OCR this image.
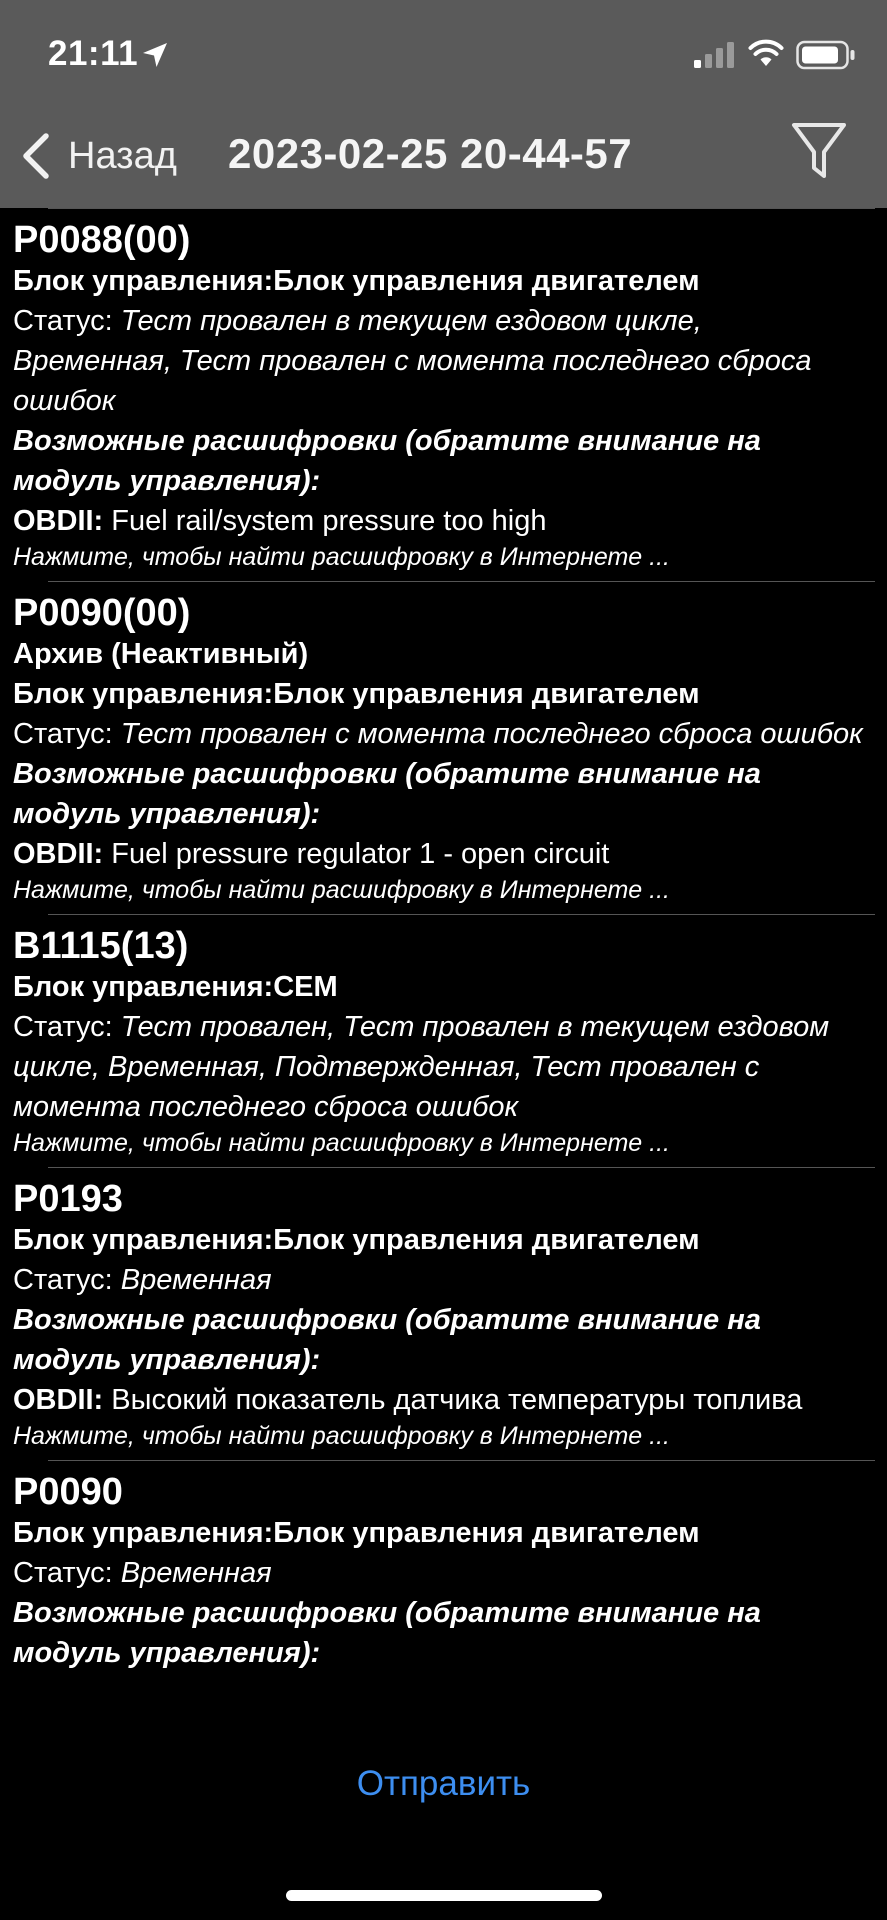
21:11
Назад 2023-02-25 20-44-57
P0088(00)
Блок управления:Блок управления двигателем
Статус: Тест провален в текущем ездовом цикле, Временная, Тест провален с момента последнего сброса ошибок
Возможные расшифровки (обратите внимание на модуль управления):
OBDII: Fuel rail/system pressure too high
Нажмите, чтобы найти расшифровку в Интернете ...
P0090(00)
Архив (Неактивный)
Блок управления:Блок управления двигателем
Статус: Тест провален с момента последнего сброса ошибок
Возможные расшифровки (обратите внимание на модуль управления):
OBDII: Fuel pressure regulator 1 - open circuit
Нажмите, чтобы найти расшифровку в Интернете ...
B1115(13)
Блок управления:CEM
Статус: Тест провален, Тест провален в текущем ездовом цикле, Временная, Подтвержденная, Тест провален с момента последнего сброса ошибок
Нажмите, чтобы найти расшифровку в Интернете ...
P0193
Блок управления:Блок управления двигателем
Статус: Временная
Возможные расшифровки (обратите внимание на модуль управления):
OBDII: Высокий показатель датчика температуры топлива
Нажмите, чтобы найти расшифровку в Интернете ...
P0090
Блок управления:Блок управления двигателем
Статус: Временная
Возможные расшифровки (обратите внимание на модуль управления):
Отправить
